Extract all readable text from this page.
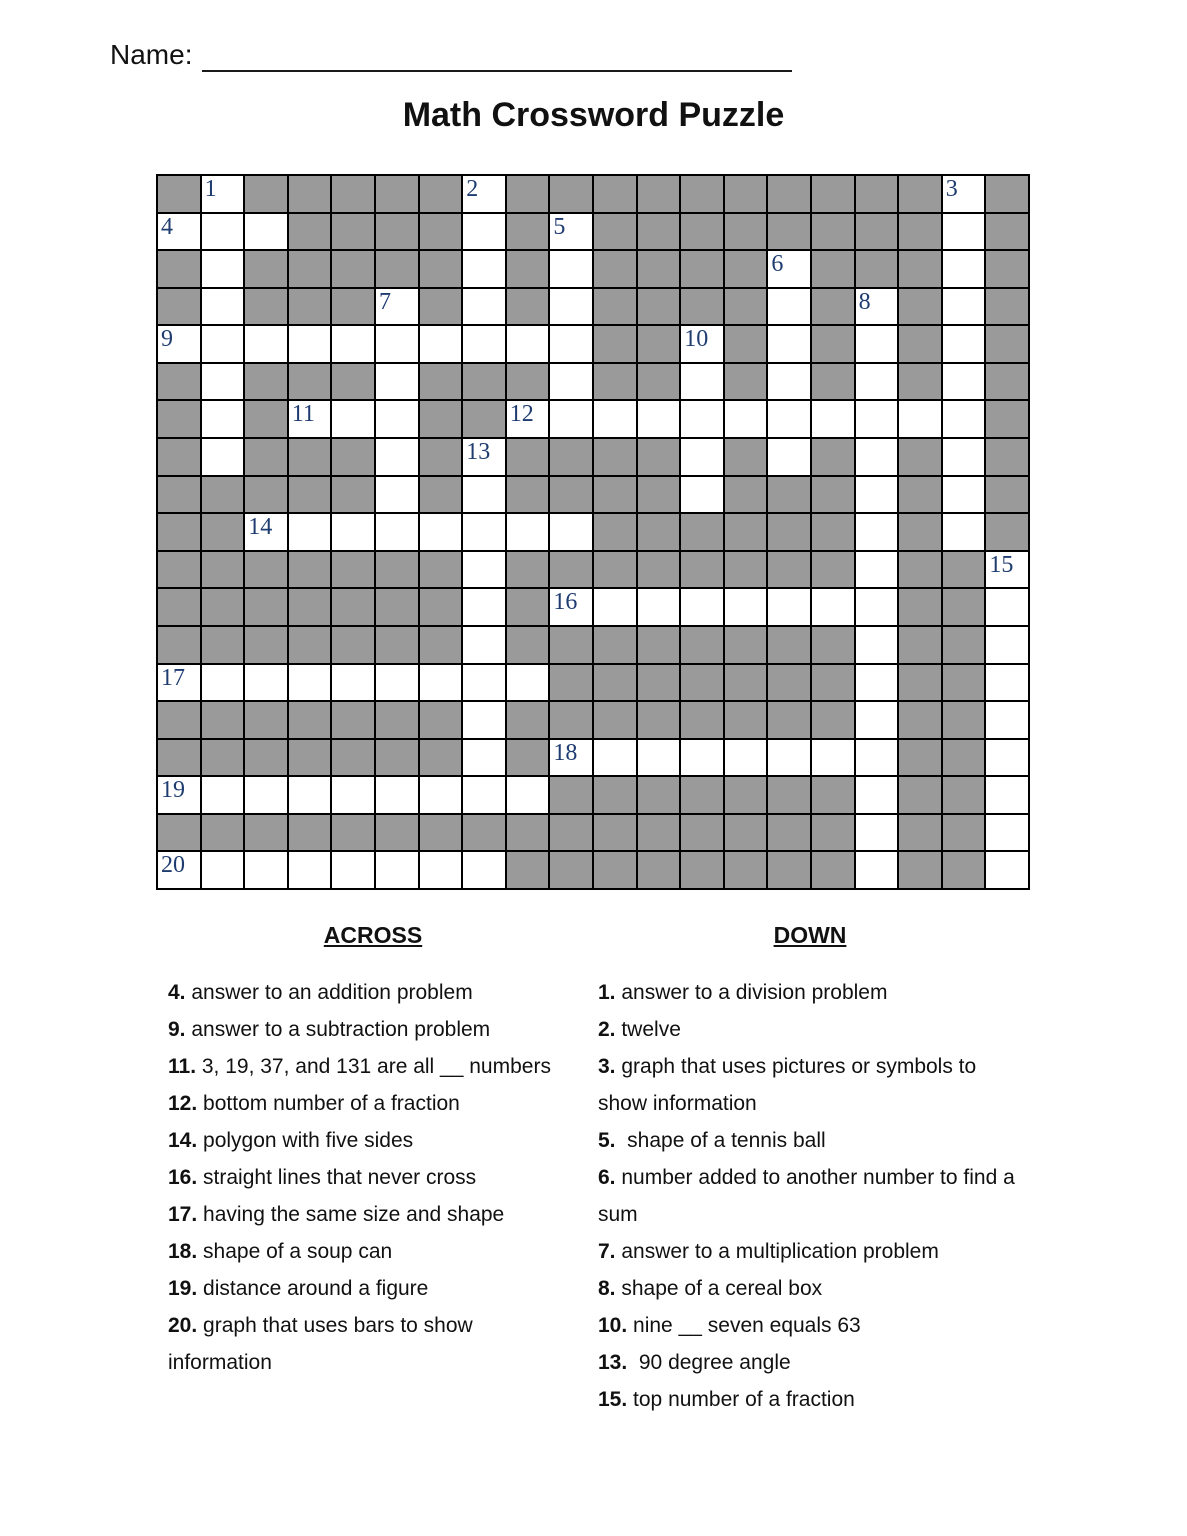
Name:
Math Crossword Puzzle
1	2	3
4	5
6
7	8
9	10
11	12
13
14
15
16
17
18
19
20
ACROSS
4. answer to an addition problem
9. answer to a subtraction problem
11. 3, 19, 37, and 131 are all __ numbers
12. bottom number of a fraction
14. polygon with five sides
16. straight lines that never cross
17. having the same size and shape
18. shape of a soup can
19. distance around a figure
20. graph that uses bars to show
information
DOWN
1. answer to a division problem
2. twelve
3. graph that uses pictures or symbols to
show information
5.  shape of a tennis ball
6. number added to another number to find a
sum
7. answer to a multiplication problem
8. shape of a cereal box
10. nine __ seven equals 63
13.  90 degree angle
15. top number of a fraction
